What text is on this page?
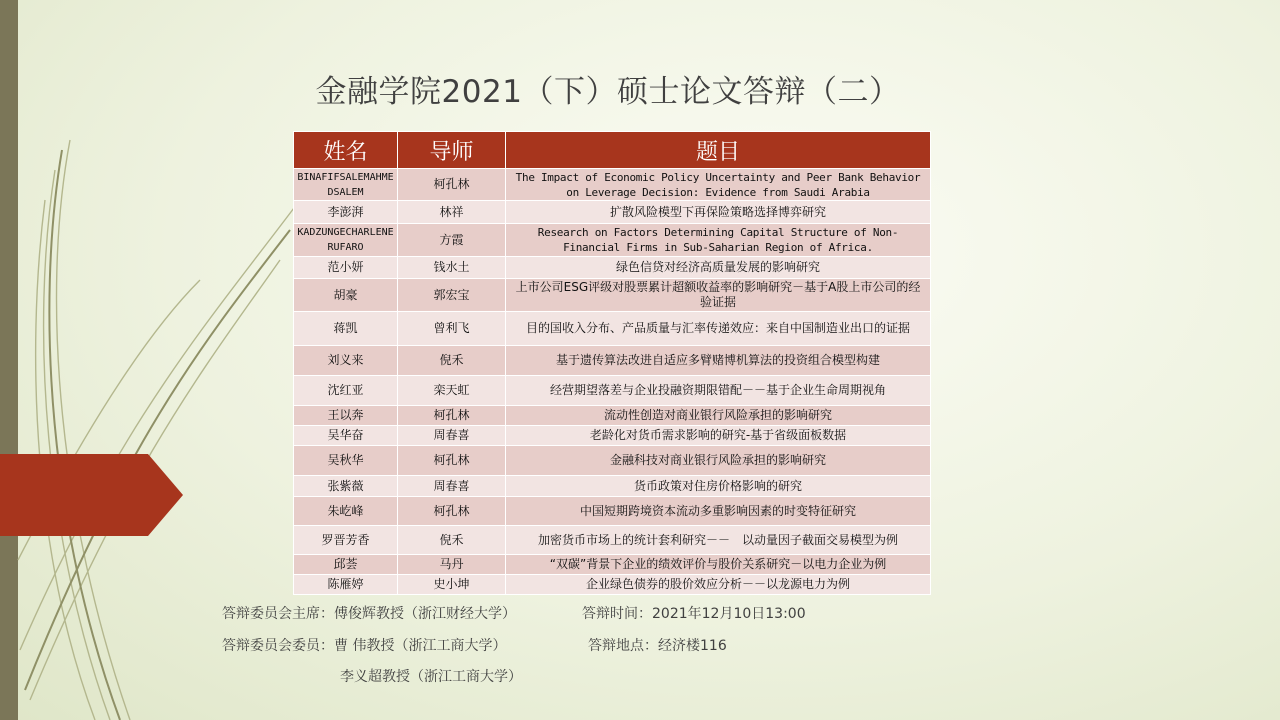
金融学院2021（下）硕士论文答辩（二）
姓名	导师	题目
BINAFIFSALEMAHMEDSALEM	柯孔林	The Impact of Economic Policy Uncertainty and Peer Bank Behavior on Leverage Decision: Evidence from Saudi Arabia
李澎湃	林祥	扩散风险模型下再保险策略选择博弈研究
KADZUNGECHARLENERUFARO	方霞	Research on Factors Determining Capital Structure of Non-Financial Firms in Sub-Saharian Region of Africa.
范小妍	钱水土	绿色信贷对经济高质量发展的影响研究
胡豪	郭宏宝	上市公司ESG评级对股票累计超额收益率的影响研究－基于A股上市公司的经验证据
蒋凯	曾利飞	目的国收入分布、产品质量与汇率传递效应：来自中国制造业出口的证据
刘义来	倪禾	基于遗传算法改进自适应多臂赌博机算法的投资组合模型构建
沈红亚	栾天虹	经营期望落差与企业投融资期限错配－－基于企业生命周期视角
王以奔	柯孔林	流动性创造对商业银行风险承担的影响研究
吴华奋	周春喜	老龄化对货币需求影响的研究-基于省级面板数据
吴秋华	柯孔林	金融科技对商业银行风险承担的影响研究
张紫薇	周春喜	货币政策对住房价格影响的研究
朱屹峰	柯孔林	中国短期跨境资本流动多重影响因素的时变特征研究
罗晋芳香	倪禾	加密货币市场上的统计套利研究－－　以动量因子截面交易模型为例
邱荟	马丹	“双碳”背景下企业的绩效评价与股价关系研究－以电力企业为例
陈雁婷	史小坤	企业绿色债券的股价效应分析－－以龙源电力为例
答辩委员会主席：傅俊辉教授（浙江财经大学）	答辩时间：2021年12月10日13:00
答辩委员会委员：曹 伟教授（浙江工商大学）	答辩地点：经济楼116
李义超教授（浙江工商大学）
